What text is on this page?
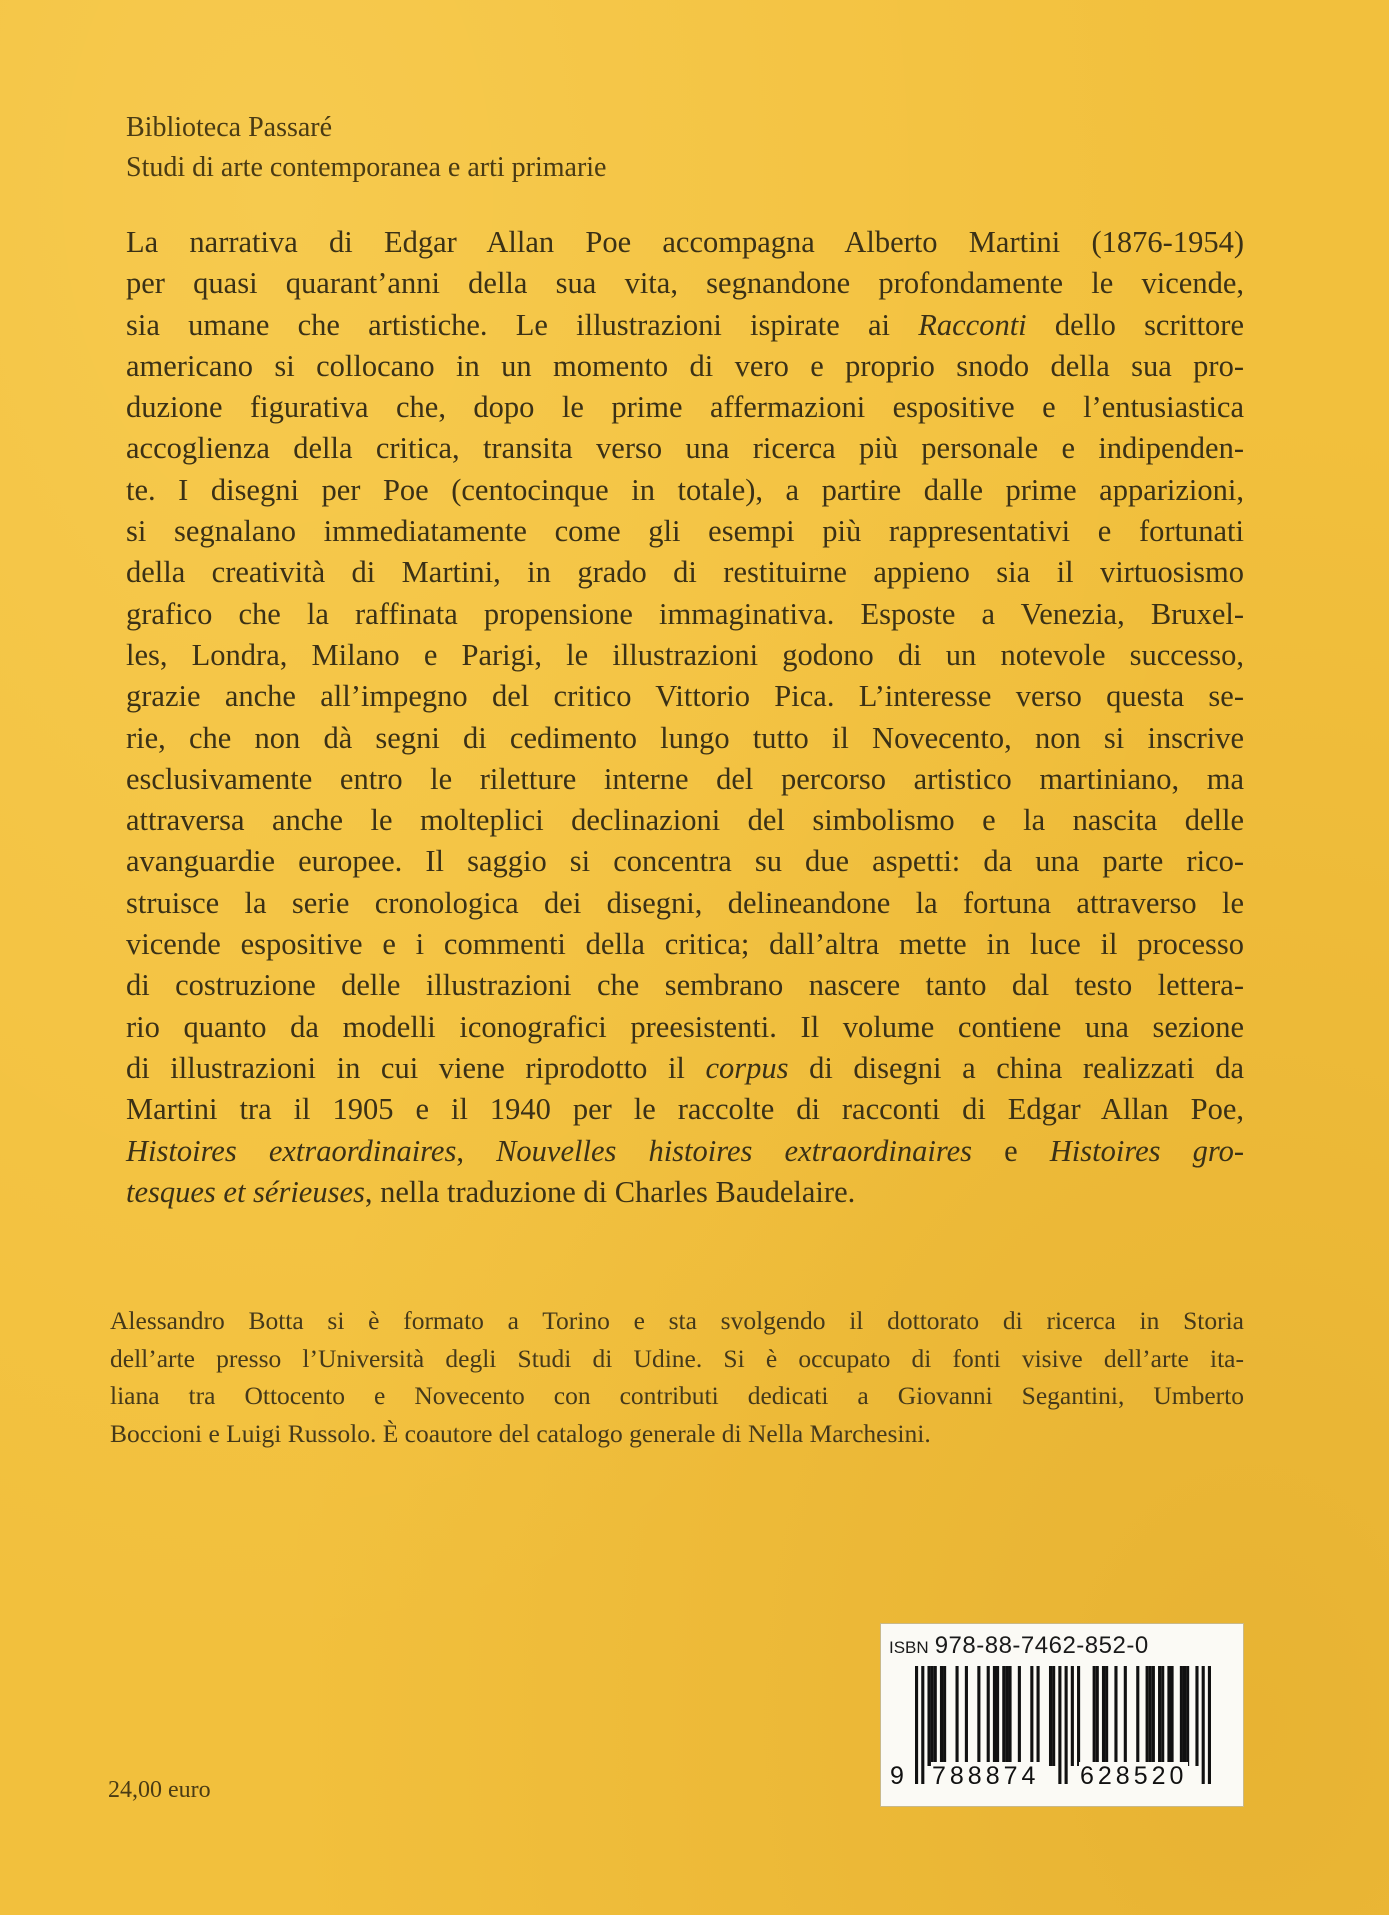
Biblioteca Passaré
Studi di arte contemporanea e arti primarie
La narrativa di Edgar Allan Poe accompagna Alberto Martini (1876-1954)
per quasi quarant’anni della sua vita, segnandone profondamente le vicende,
sia umane che artistiche. Le illustrazioni ispirate ai Racconti dello scrittore
americano si collocano in un momento di vero e proprio snodo della sua pro-
duzione figurativa che, dopo le prime affermazioni espositive e l’entusiastica
accoglienza della critica, transita verso una ricerca più personale e indipenden-
te. I disegni per Poe (centocinque in totale), a partire dalle prime apparizioni,
si segnalano immediatamente come gli esempi più rappresentativi e fortunati
della creatività di Martini, in grado di restituirne appieno sia il virtuosismo
grafico che la raffinata propensione immaginativa. Esposte a Venezia, Bruxel-
les, Londra, Milano e Parigi, le illustrazioni godono di un notevole successo,
grazie anche all’impegno del critico Vittorio Pica. L’interesse verso questa se-
rie, che non dà segni di cedimento lungo tutto il Novecento, non si inscrive
esclusivamente entro le riletture interne del percorso artistico martiniano, ma
attraversa anche le molteplici declinazioni del simbolismo e la nascita delle
avanguardie europee. Il saggio si concentra su due aspetti: da una parte rico-
struisce la serie cronologica dei disegni, delineandone la fortuna attraverso le
vicende espositive e i commenti della critica; dall’altra mette in luce il processo
di costruzione delle illustrazioni che sembrano nascere tanto dal testo lettera-
rio quanto da modelli iconografici preesistenti. Il volume contiene una sezione
di illustrazioni in cui viene riprodotto il corpus di disegni a china realizzati da
Martini tra il 1905 e il 1940 per le raccolte di racconti di Edgar Allan Poe,
Histoires extraordinaires, Nouvelles histoires extraordinaires e Histoires gro-
tesques et sérieuses, nella traduzione di Charles Baudelaire.
Alessandro Botta si è formato a Torino e sta svolgendo il dottorato di ricerca in Storia
dell’arte presso l’Università degli Studi di Udine. Si è occupato di fonti visive dell’arte ita-
liana tra Ottocento e Novecento con contributi dedicati a Giovanni Segantini, Umberto
Boccioni e Luigi Russolo. È coautore del catalogo generale di Nella Marchesini.
24,00 euro
ISBN 978-88-7462-852-0
9 788874 628520
